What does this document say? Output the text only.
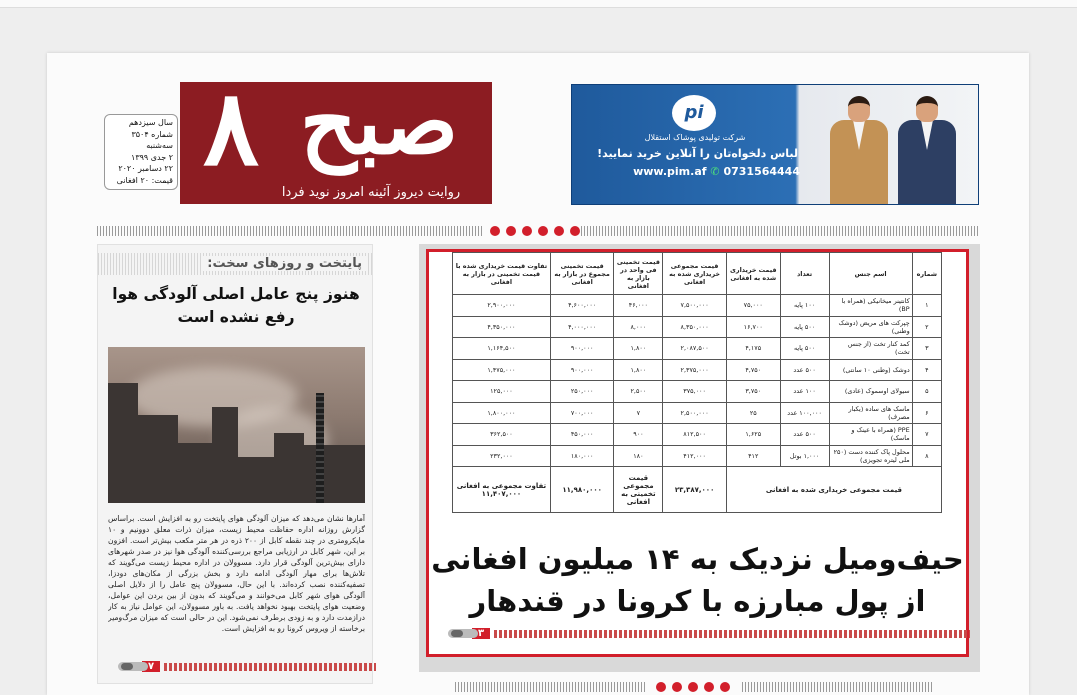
سال سیزدهم
شماره ۳۵۰۴
سه‌شنبه
۲ جدی ۱۳۹۹
۲۲ دسامبر ۲۰۲۰
قیمت: ۲۰ افغانی ۸ صبح
روایت دیروز آئینه امروز نوید فردا
pi
شرکت تولیدی پوشاک استقلال
لباس دلخواه‌تان را آنلاین خرید نمایید!
www.pim.af ✆ 0731564444
پایتخت و روزهای سخت:
هنوز پنج عامل اصلی آلودگی هوا
رفع نشده است
آمارها نشان می‌دهد که میزان آلودگی هوای پایتخت رو به افزایش است. براساس گزارش روزانه اداره حفاظت محیط زیست، میزان ذرات معلق دوونیم و ۱۰ مایکرومتری در چند نقطه کابل از ۲۰۰ ذره در هر متر مکعب بیش‌تر است. افزون بر این، شهر کابل در ارزیابی مراجع بررسی‌کننده آلودگی هوا نیز در صدر شهرهای دارای بیش‌ترین آلودگی قرار دارد. مسوولان در اداره محیط زیست می‌گویند که تلاش‌ها برای مهار آلودگی ادامه دارد و بخش بزرگی از مکان‌های دودزا، تصفیه‌کننده نصب کرده‌اند. با این حال، مسوولان پنج عامل را از دلایل اصلی آلودگی هوای شهر کابل می‌خوانند و می‌گویند که بدون از بین بردن این عوامل، وضعیت هوای پایتخت بهبود نخواهد یافت. به باور مسوولان، این عوامل نیاز به کار درازمدت دارد و به زودی برطرف نمی‌شود. این در حالی است که میزان مرگ‌ومیر برخاسته از ویروس کرونا رو به افزایش است.
۷
شماره	اسم جنس	تعداد	قیمت خریداری شده به افغانی	قیمت مجموعی خریداری شده به افغانی	قیمت تخمینی فی واحد در بازار به افغانی	قیمت تخمینی مجموع در بازار به افغانی	تفاوت قیمت خریداری شده با قیمت تخمینی در بازار به افغانی
۱	کانتینر میخانیکی (همراه با BP)	۱۰۰ پایه	۷۵,۰۰۰	۷,۵۰۰,۰۰۰	۴۶,۰۰۰	۴,۶۰۰,۰۰۰	۲,۹۰۰,۰۰۰
۲	چپرکت های مریض (دوشک وطنی)	۵۰۰ پایه	۱۶,۷۰۰	۸,۳۵۰,۰۰۰	۸,۰۰۰	۴,۰۰۰,۰۰۰	۴,۳۵۰,۰۰۰
۳	کمد کنار تخت (از جنس تخت)	۵۰۰ پایه	۴,۱۷۵	۲,۰۸۷,۵۰۰	۱,۸۰۰	۹۰۰,۰۰۰	۱,۱۶۴,۵۰۰
۴	دوشک (وطنی ۱۰ سانتی)	۵۰۰ عدد	۴,۷۵۰	۲,۳۷۵,۰۰۰	۱,۸۰۰	۹۰۰,۰۰۰	۱,۴۷۵,۰۰۰
۵	سیولای اوسموک (عادی)	۱۰۰ عدد	۳,۷۵۰	۳۷۵,۰۰۰	۲,۵۰۰	۲۵۰,۰۰۰	۱۲۵,۰۰۰
۶	ماسک های ساده (یکبار مصرف)	۱۰۰,۰۰۰ عدد	۲۵	۲,۵۰۰,۰۰۰	۷	۷۰۰,۰۰۰	۱,۸۰۰,۰۰۰
۷	PPE (همراه با عینک و ماسک)	۵۰۰ عدد	۱,۶۲۵	۸۱۲,۵۰۰	۹۰۰	۴۵۰,۰۰۰	۳۶۲,۵۰۰
۸	محلول پاک کننده دست (۲۵۰ ملی لیتره تجویزی)	۱,۰۰۰ بوتل	۴۱۲	۴۱۲,۰۰۰	۱۸۰	۱۸۰,۰۰۰	۲۳۲,۰۰۰
قیمت مجموعی خریداری شده به افغانی				۲۳,۳۸۷,۰۰۰	قیمت مجموعی تخمینی به افغانی	۱۱,۹۸۰,۰۰۰	تفاوت مجموعی به افغانی
۱۱,۴۰۷,۰۰۰
حیف‌ومیل نزدیک به ۱۴ میلیون افغانی
از پول مبارزه با کرونا در قندهار
۳
